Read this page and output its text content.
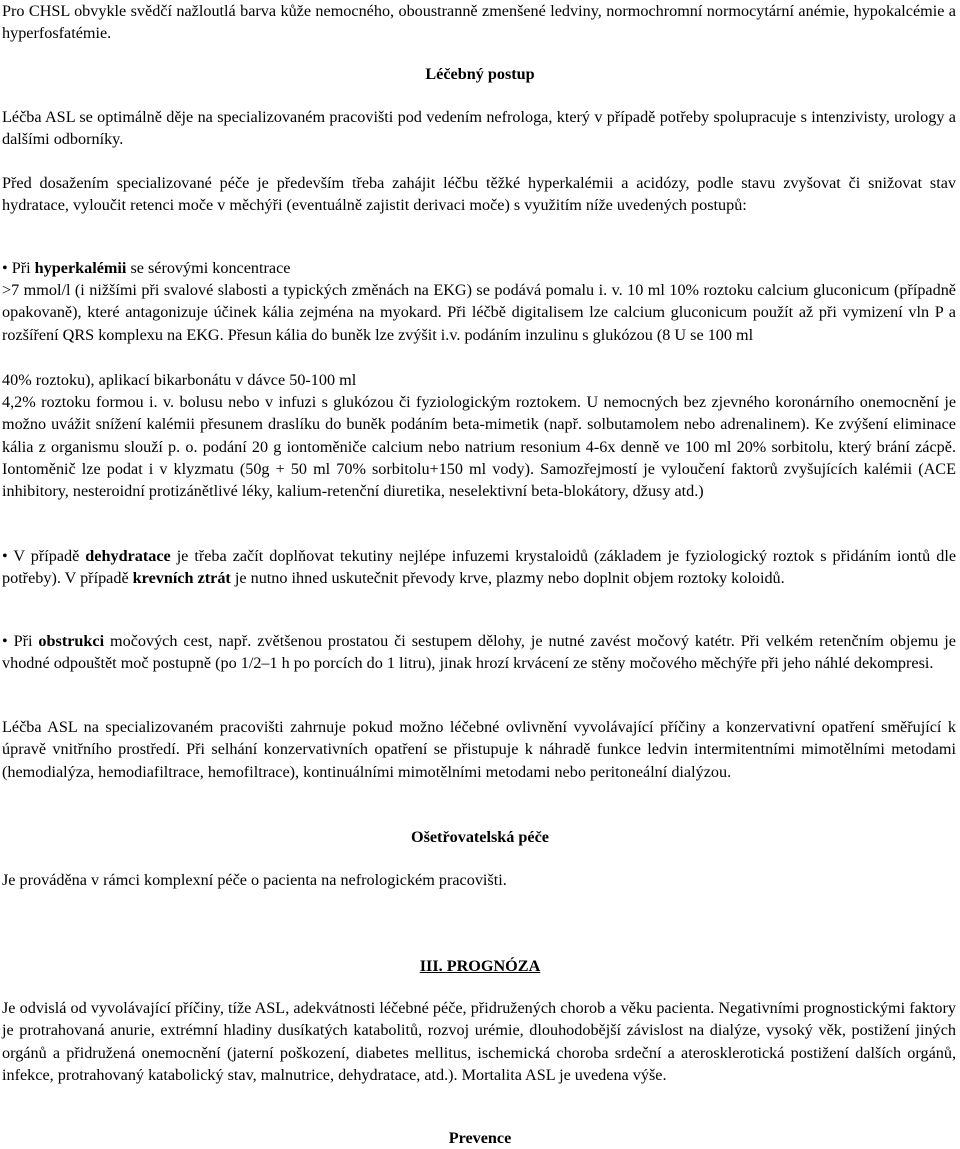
Pro CHSL obvykle svědčí nažloutlá barva kůže nemocného, oboustranně zmenšené ledviny, normochromní normocytární anémie, hypokalcémie a hyperfosfatémie.

Léčebný postup

Léčba ASL se optimálně děje na specializovaném pracovišti pod vedením nefrologa, který v případě potřeby spolupracuje s intenzivisty, urology a dalšími odborníky.

Před dosažením specializované péče je především třeba zahájit léčbu těžké hyperkalémii a acidózy, podle stavu zvyšovat či snižovat stav hydratace, vyloučit retenci moče v měchýři (eventuálně zajistit derivaci moče) s využitím níže uvedených postupů:

• Při hyperkalémii se sérovými koncentrace

>7 mmol/l (i nižšími při svalové slabosti a typických změnách na EKG) se podává pomalu i. v. 10 ml 10% roztoku calcium gluconicum (případně opakovaně), které antagonizuje účinek kália zejména na myokard. Při léčbě digitalisem lze calcium gluconicum použít až při vymizení vln P a rozšíření QRS komplexu na EKG. Přesun kália do buněk lze zvýšit i.v. podáním inzulinu s glukózou (8 U se 100 ml

40% roztoku), aplikací bikarbonátu v dávce 50-100 ml

4,2% roztoku formou i. v. bolusu nebo v infuzi s glukózou či fyziologickým roztokem. U nemocných bez zjevného koronárního onemocnění je možno uvážit snížení kalémii přesunem draslíku do buněk podáním beta-mimetik (např. solbutamolem nebo adrenalinem). Ke zvýšení eliminace kália z organismu slouží p. o. podání 20 g iontoměniče calcium nebo natrium resonium 4-6x denně ve 100 ml 20% sorbitolu, který brání zácpě. Iontoměnič lze podat i v klyzmatu (50g + 50 ml 70% sorbitolu+150 ml vody). Samozřejmostí je vyloučení faktorů zvyšujících kalémii (ACE inhibitory, nesteroidní protizánětlivé léky, kalium-retenční diuretika, neselektivní beta-blokátory, džusy atd.)

• V případě dehydratace je třeba začít doplňovat tekutiny nejlépe infuzemi krystaloidů (základem je fyziologický roztok s přidáním iontů dle potřeby). V případě krevních ztrát je nutno ihned uskutečnit převody krve, plazmy nebo doplnit objem roztoky koloidů.

• Při obstrukci močových cest, např. zvětšenou prostatou či sestupem dělohy, je nutné zavést močový katétr. Při velkém retenčním objemu je vhodné odpouštět moč postupně (po 1/2–1 h po porcích do 1 litru), jinak hrozí krvácení ze stěny močového měchýře při jeho náhlé dekompresi.

Léčba ASL na specializovaném pracovišti zahrnuje pokud možno léčebné ovlivnění vyvolávající příčiny a konzervativní opatření směřující k úpravě vnitřního prostředí. Při selhání konzervativních opatření se přistupuje k náhradě funkce ledvin intermitentními mimotělními metodami (hemodialýza, hemodiafiltrace, hemofiltrace), kontinuálními mimotělními metodami nebo peritoneální dialýzou.

Ošetřovatelská péče

Je prováděna v rámci komplexní péče o pacienta na nefrologickém pracovišti.

III. PROGNÓZA

Je odvislá od vyvolávající příčiny, tíže ASL, adekvátnosti léčebné péče, přidružených chorob a věku pacienta. Negativními prognostickými faktory je protrahovaná anurie, extrémní hladiny dusíkatých katabolitů, rozvoj urémie, dlouhodobější závislost na dialýze, vysoký věk, postižení jiných orgánů a přidružená onemocnění (jaterní poškození, diabetes mellitus, ischemická choroba srdeční a aterosklerotická postižení dalších orgánů, infekce, protrahovaný katabolický stav, malnutrice, dehydratace, atd.). Mortalita ASL je uvedena výše.

Prevence
